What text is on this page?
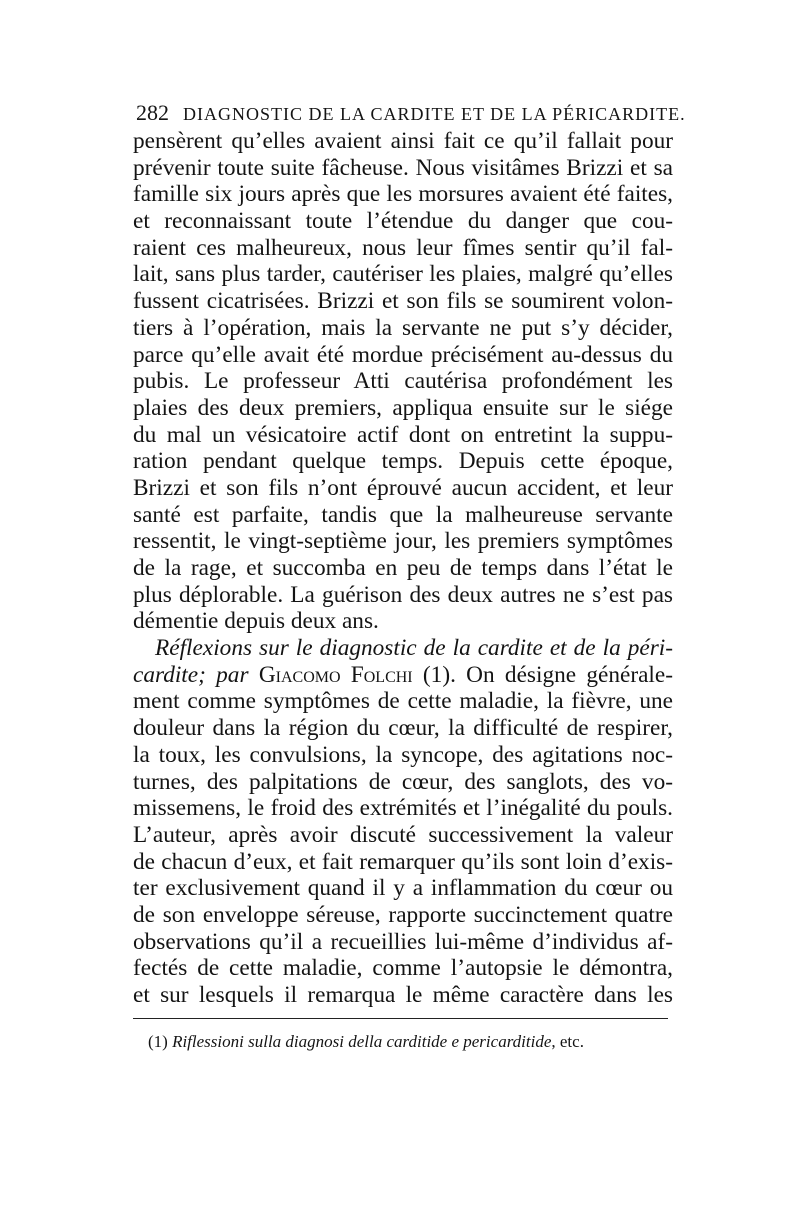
282 DIAGNOSTIC DE LA CARDITE ET DE LA PÉRICARDITE.
pensèrent qu’elles avaient ainsi fait ce qu’il fallait pour
prévenir toute suite fâcheuse. Nous visitâmes Brizzi et sa
famille six jours après que les morsures avaient été faites,
et reconnaissant toute l’étendue du danger que cou-
raient ces malheureux, nous leur fîmes sentir qu’il fal-
lait, sans plus tarder, cautériser les plaies, malgré qu’elles
fussent cicatrisées. Brizzi et son fils se soumirent volon-
tiers à l’opération, mais la servante ne put s’y décider,
parce qu’elle avait été mordue précisément au-dessus du
pubis. Le professeur Atti cautérisa profondément les
plaies des deux premiers, appliqua ensuite sur le siége
du mal un vésicatoire actif dont on entretint la suppu-
ration pendant quelque temps. Depuis cette époque,
Brizzi et son fils n’ont éprouvé aucun accident, et leur
santé est parfaite, tandis que la malheureuse servante
ressentit, le vingt-septième jour, les premiers symptômes
de la rage, et succomba en peu de temps dans l’état le
plus déplorable. La guérison des deux autres ne s’est pas
démentie depuis deux ans.
Réflexions sur le diagnostic de la cardite et de la péri-
cardite; par Giacomo Folchi (1). On désigne générale-
ment comme symptômes de cette maladie, la fièvre, une
douleur dans la région du cœur, la difficulté de respirer,
la toux, les convulsions, la syncope, des agitations noc-
turnes, des palpitations de cœur, des sanglots, des vo-
missemens, le froid des extrémités et l’inégalité du pouls.
L’auteur, après avoir discuté successivement la valeur
de chacun d’eux, et fait remarquer qu’ils sont loin d’exis-
ter exclusivement quand il y a inflammation du cœur ou
de son enveloppe séreuse, rapporte succinctement quatre
observations qu’il a recueillies lui-même d’individus af-
fectés de cette maladie, comme l’autopsie le démontra,
et sur lesquels il remarqua le même caractère dans les
(1) Riflessioni sulla diagnosi della carditide e pericarditide, etc.
